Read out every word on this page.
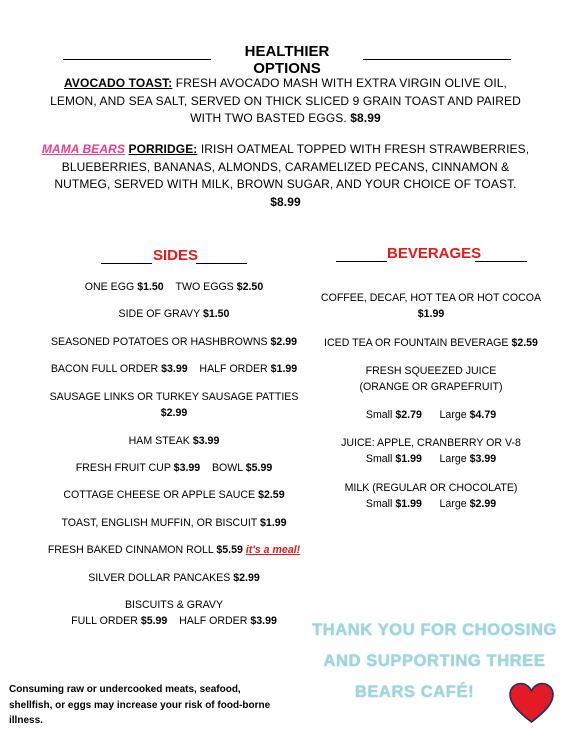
HEALTHIER OPTIONS
AVOCADO TOAST: FRESH AVOCADO MASH WITH EXTRA VIRGIN OLIVE OIL,
LEMON, AND SEA SALT, SERVED ON THICK SLICED 9 GRAIN TOAST AND PAIRED
WITH TWO BASTED EGGS. $8.99
MAMA BEARS PORRIDGE: IRISH OATMEAL TOPPED WITH FRESH STRAWBERRIES,
BLUEBERRIES, BANANAS, ALMONDS, CARAMELIZED PECANS, CINNAMON &
NUTMEG, SERVED WITH MILK, BROWN SUGAR, AND YOUR CHOICE OF TOAST.
$8.99
SIDES	BEVERAGES
ONE EGG $1.50 TWO EGGS $2.50
SIDE OF GRAVY $1.50
SEASONED POTATOES OR HASHBROWNS $2.99
BACON FULL ORDER $3.99 HALF ORDER $1.99
SAUSAGE LINKS OR TURKEY SAUSAGE PATTIES
$2.99
HAM STEAK $3.99
FRESH FRUIT CUP $3.99 BOWL $5.99
COTTAGE CHEESE OR APPLE SAUCE $2.59
TOAST, ENGLISH MUFFIN, OR BISCUIT $1.99
FRESH BAKED CINNAMON ROLL $5.59 it's a meal!
SILVER DOLLAR PANCAKES $2.99
BISCUITS & GRAVY
FULL ORDER $5.99 HALF ORDER $3.99
COFFEE, DECAF, HOT TEA OR HOT COCOA
$1.99
ICED TEA OR FOUNTAIN BEVERAGE $2.59
FRESH SQUEEZED JUICE
(ORANGE OR GRAPEFRUIT)
Small $2.79 Large $4.79
JUICE: APPLE, CRANBERRY OR V-8
Small $1.99 Large $3.99
MILK (REGULAR OR CHOCOLATE)
Small $1.99 Large $2.99
THANK YOU FOR CHOOSING
AND SUPPORTING THREE
BEARS CAFÉ!
Consuming raw or undercooked meats, seafood,
shellfish, or eggs may increase your risk of food-borne
illness.
